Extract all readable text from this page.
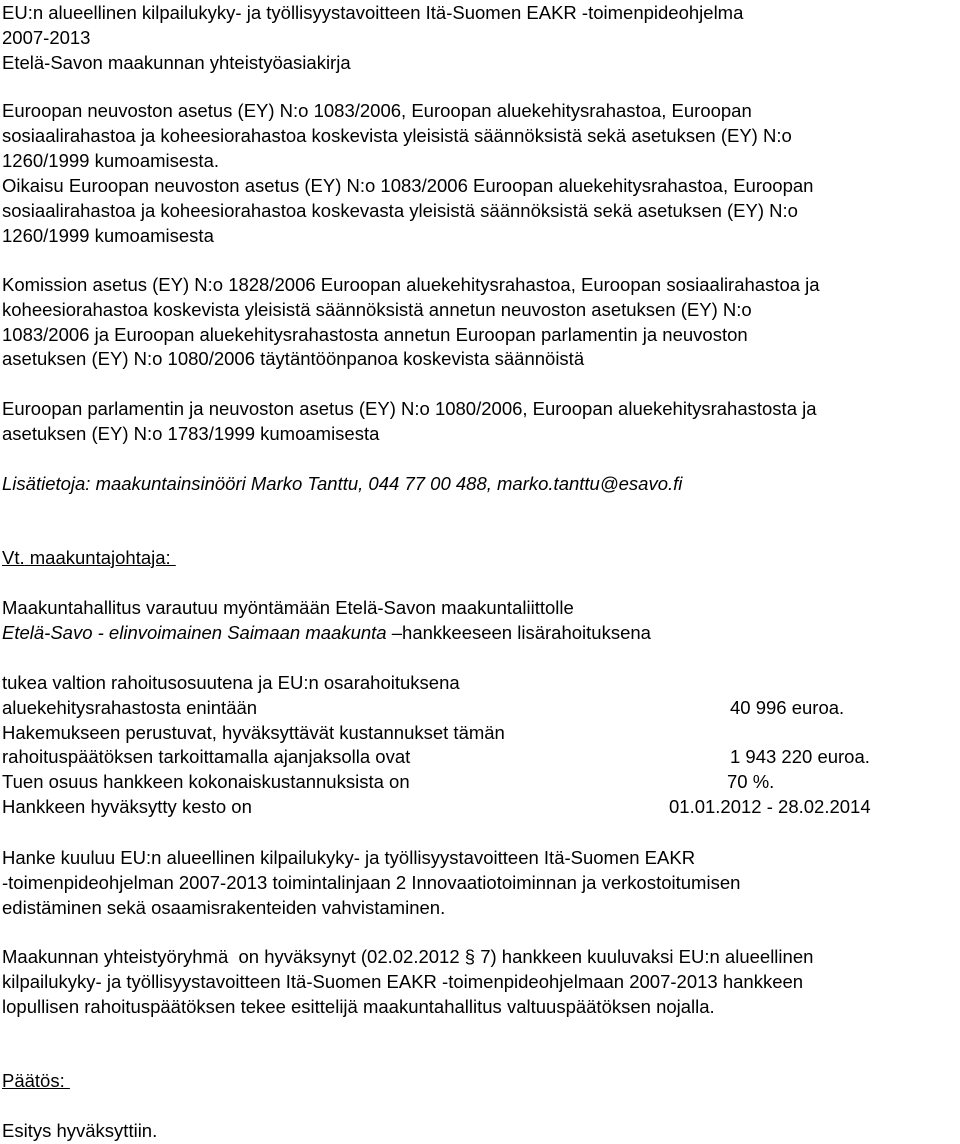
EU:n alueellinen kilpailukyky- ja työllisyystavoitteen Itä-Suomen EAKR -toimenpideohjelma
2007-2013
Etelä-Savon maakunnan yhteistyöasiakirja
Euroopan neuvoston asetus (EY) N:o 1083/2006, Euroopan aluekehitysrahastoa, Euroopan
sosiaalirahastoa ja koheesiorahastoa koskevista yleisistä säännöksistä sekä asetuksen (EY) N:o
1260/1999 kumoamisesta.
Oikaisu Euroopan neuvoston asetus (EY) N:o 1083/2006 Euroopan aluekehitysrahastoa, Euroopan
sosiaalirahastoa ja koheesiorahastoa koskevasta yleisistä säännöksistä sekä asetuksen (EY) N:o
1260/1999 kumoamisesta
Komission asetus (EY) N:o 1828/2006 Euroopan aluekehitysrahastoa, Euroopan sosiaalirahastoa ja
koheesiorahastoa koskevista yleisistä säännöksistä annetun neuvoston asetuksen (EY) N:o
1083/2006 ja Euroopan aluekehitysrahastosta annetun Euroopan parlamentin ja neuvoston
asetuksen (EY) N:o 1080/2006 täytäntöönpanoa koskevista säännöistä
Euroopan parlamentin ja neuvoston asetus (EY) N:o 1080/2006, Euroopan aluekehitysrahastosta ja
asetuksen (EY) N:o 1783/1999 kumoamisesta
Lisätietoja: maakuntainsinööri Marko Tanttu, 044 77 00 488, marko.tanttu@esavo.fi
Vt. maakuntajohtaja:
Maakuntahallitus varautuu myöntämään Etelä-Savon maakuntaliittolle
Etelä-Savo - elinvoimainen Saimaan maakunta –hankkeeseen lisärahoituksena
tukea valtion rahoitusosuutena ja EU:n osarahoituksena
aluekehitysrahastosta enintään
Hakemukseen perustuvat, hyväksyttävät kustannukset tämän
rahoituspäätöksen tarkoittamalla ajanjaksolla ovat
Tuen osuus hankkeen kokonaiskustannuksista on
Hankkeen hyväksytty kesto on
40 996 euroa.
1 943 220 euroa.
70 %.
01.01.2012 - 28.02.2014
Hanke kuuluu EU:n alueellinen kilpailukyky- ja työllisyystavoitteen Itä-Suomen EAKR
-toimenpideohjelman 2007-2013 toimintalinjaan 2 Innovaatiotoiminnan ja verkostoitumisen
edistäminen sekä osaamisrakenteiden vahvistaminen.
Maakunnan yhteistyöryhmä  on hyväksynyt (02.02.2012 § 7) hankkeen kuuluvaksi EU:n alueellinen
kilpailukyky- ja työllisyystavoitteen Itä-Suomen EAKR -toimenpideohjelmaan 2007-2013 hankkeen
lopullisen rahoituspäätöksen tekee esittelijä maakuntahallitus valtuuspäätöksen nojalla.
Päätös:
Esitys hyväksyttiin.
